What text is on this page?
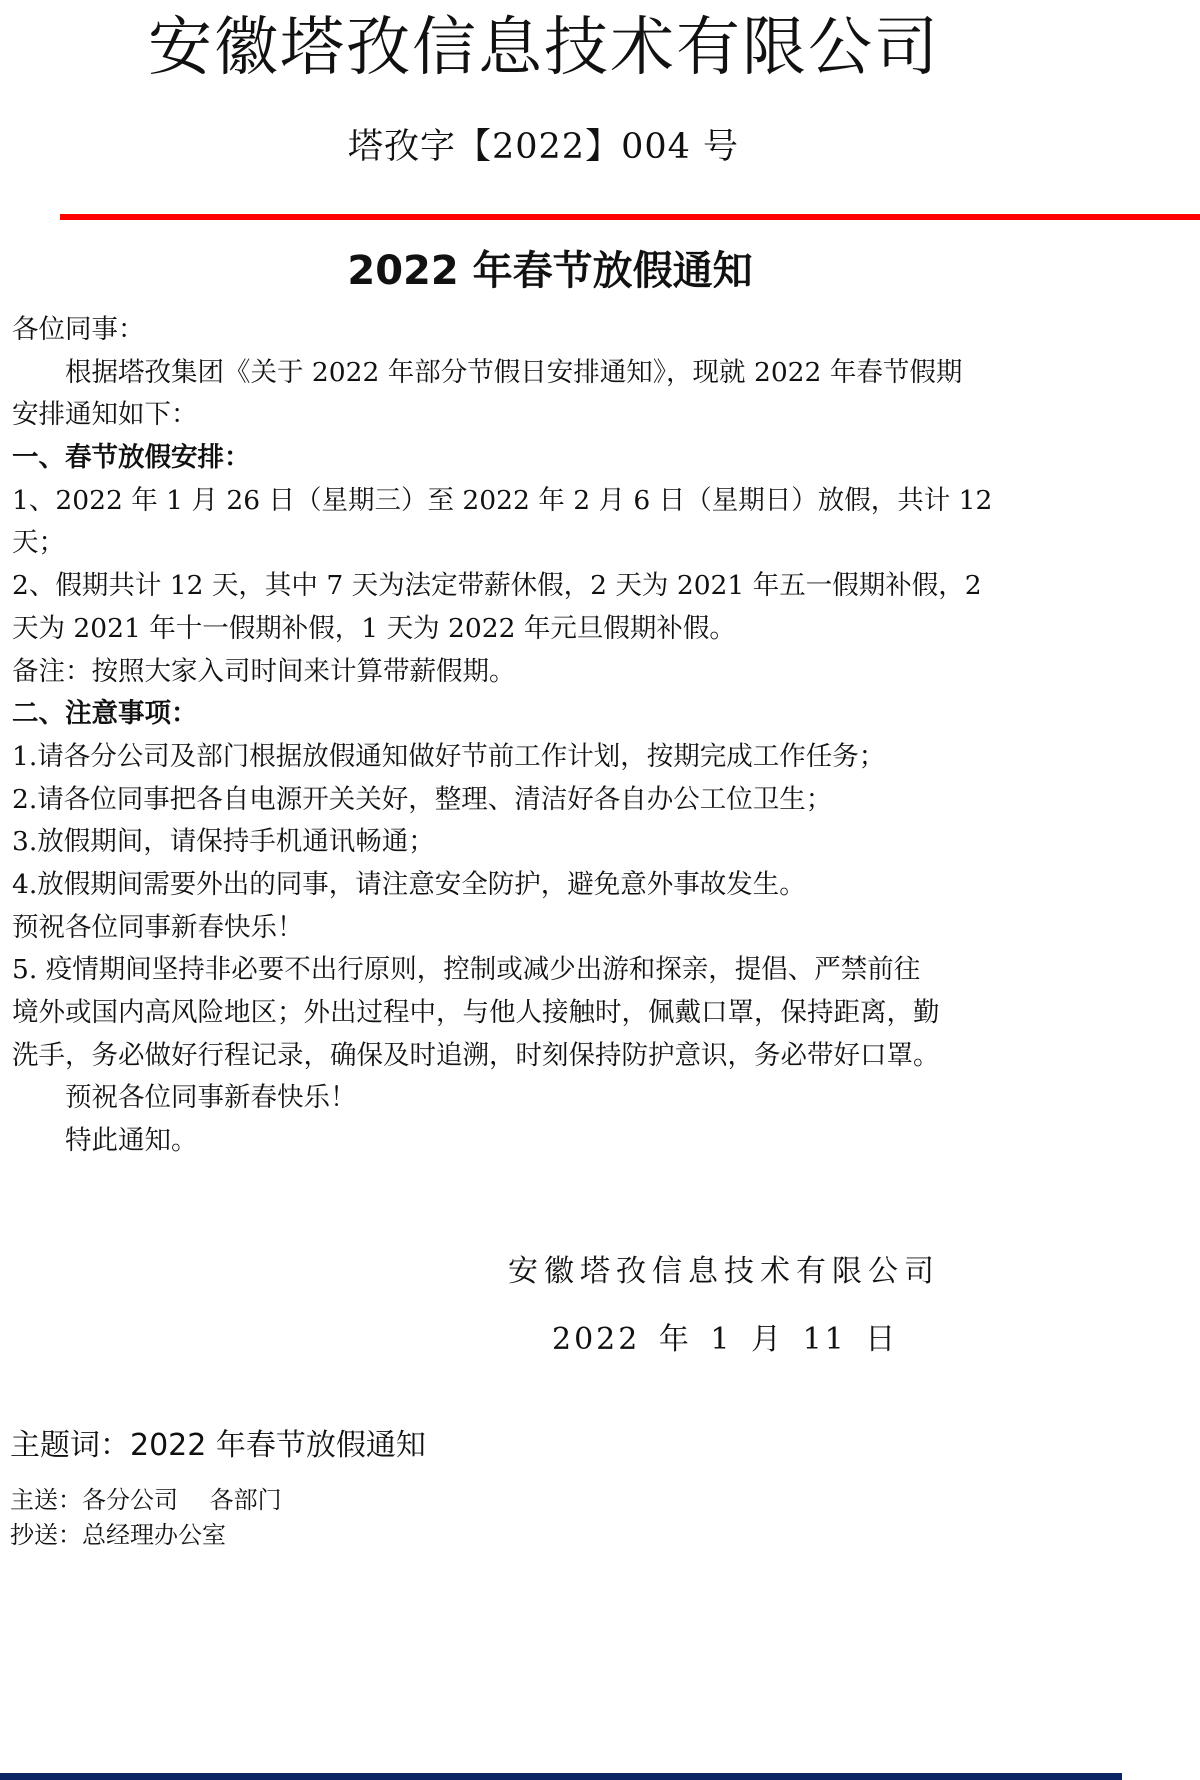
安徽塔孜信息技术有限公司
塔孜字【2022】004 号
2022 年春节放假通知
各位同事：
根据塔孜集团《关于 2022 年部分节假日安排通知》，现就 2022 年春节假期
安排通知如下：
一、春节放假安排：
1、2022 年 1 月 26 日（星期三）至 2022 年 2 月 6 日（星期日）放假，共计 12
天；
2、假期共计 12 天，其中 7 天为法定带薪休假，2 天为 2021 年五一假期补假，2
天为 2021 年十一假期补假，1 天为 2022 年元旦假期补假。
备注：按照大家入司时间来计算带薪假期。
二、注意事项：
1.请各分公司及部门根据放假通知做好节前工作计划，按期完成工作任务；
2.请各位同事把各自电源开关关好，整理、清洁好各自办公工位卫生；
3.放假期间，请保持手机通讯畅通；
4.放假期间需要外出的同事，请注意安全防护，避免意外事故发生。
预祝各位同事新春快乐！
5. 疫情期间坚持非必要不出行原则，控制或减少出游和探亲，提倡、严禁前往
境外或国内高风险地区；外出过程中，与他人接触时，佩戴口罩，保持距离，勤
洗手，务必做好行程记录，确保及时追溯，时刻保持防护意识，务必带好口罩。
预祝各位同事新春快乐！
特此通知。
安徽塔孜信息技术有限公司
2022 年 1 月 11 日
主题词：2022 年春节放假通知
主送：各分公司　 各部门
抄送：总经理办公室
